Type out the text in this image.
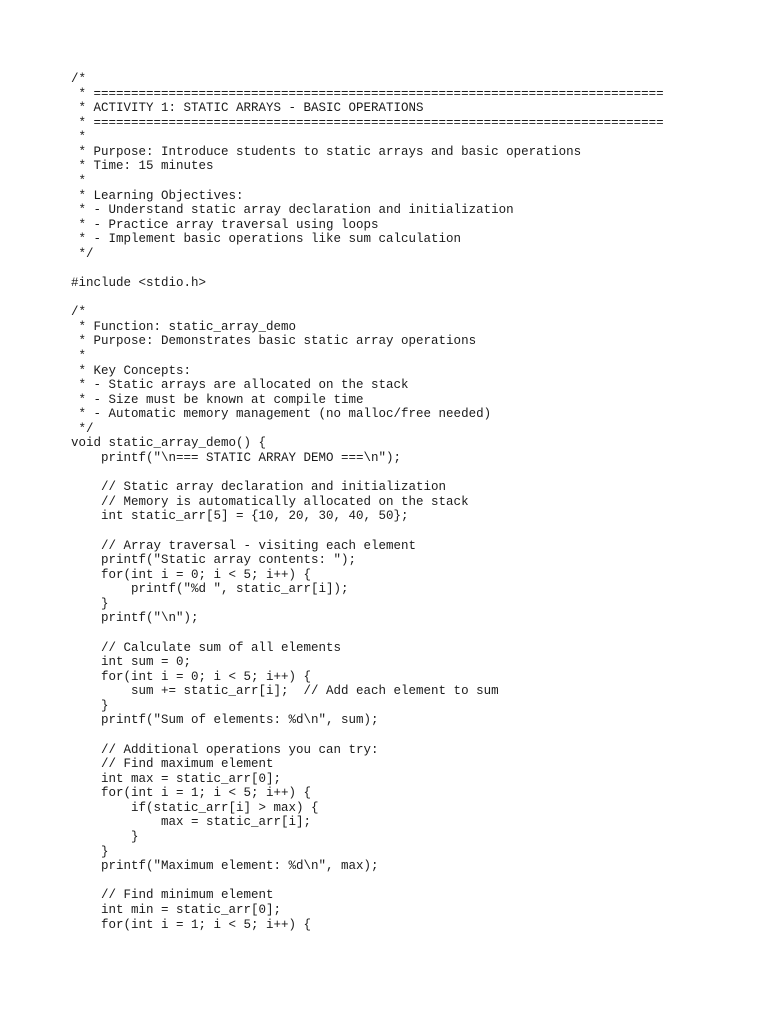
/*
* ============================================================================
* ACTIVITY 1: STATIC ARRAYS - BASIC OPERATIONS
* ============================================================================
*
* Purpose: Introduce students to static arrays and basic operations
* Time: 15 minutes
*
* Learning Objectives:
* - Understand static array declaration and initialization
* - Practice array traversal using loops
* - Implement basic operations like sum calculation
*/
#include <stdio.h>
/*
* Function: static_array_demo
* Purpose: Demonstrates basic static array operations
*
* Key Concepts:
* - Static arrays are allocated on the stack
* - Size must be known at compile time
* - Automatic memory management (no malloc/free needed)
*/
void static_array_demo() {
printf("\n=== STATIC ARRAY DEMO ===\n");
// Static array declaration and initialization
// Memory is automatically allocated on the stack
int static_arr[5] = {10, 20, 30, 40, 50};
// Array traversal - visiting each element
printf("Static array contents: ");
for(int i = 0; i < 5; i++) {
printf("%d ", static_arr[i]);
}
printf("\n");
// Calculate sum of all elements
int sum = 0;
for(int i = 0; i < 5; i++) {
sum += static_arr[i];  // Add each element to sum
}
printf("Sum of elements: %d\n", sum);
// Additional operations you can try:
// Find maximum element
int max = static_arr[0];
for(int i = 1; i < 5; i++) {
if(static_arr[i] > max) {
max = static_arr[i];
}
}
printf("Maximum element: %d\n", max);
// Find minimum element
int min = static_arr[0];
for(int i = 1; i < 5; i++) {
